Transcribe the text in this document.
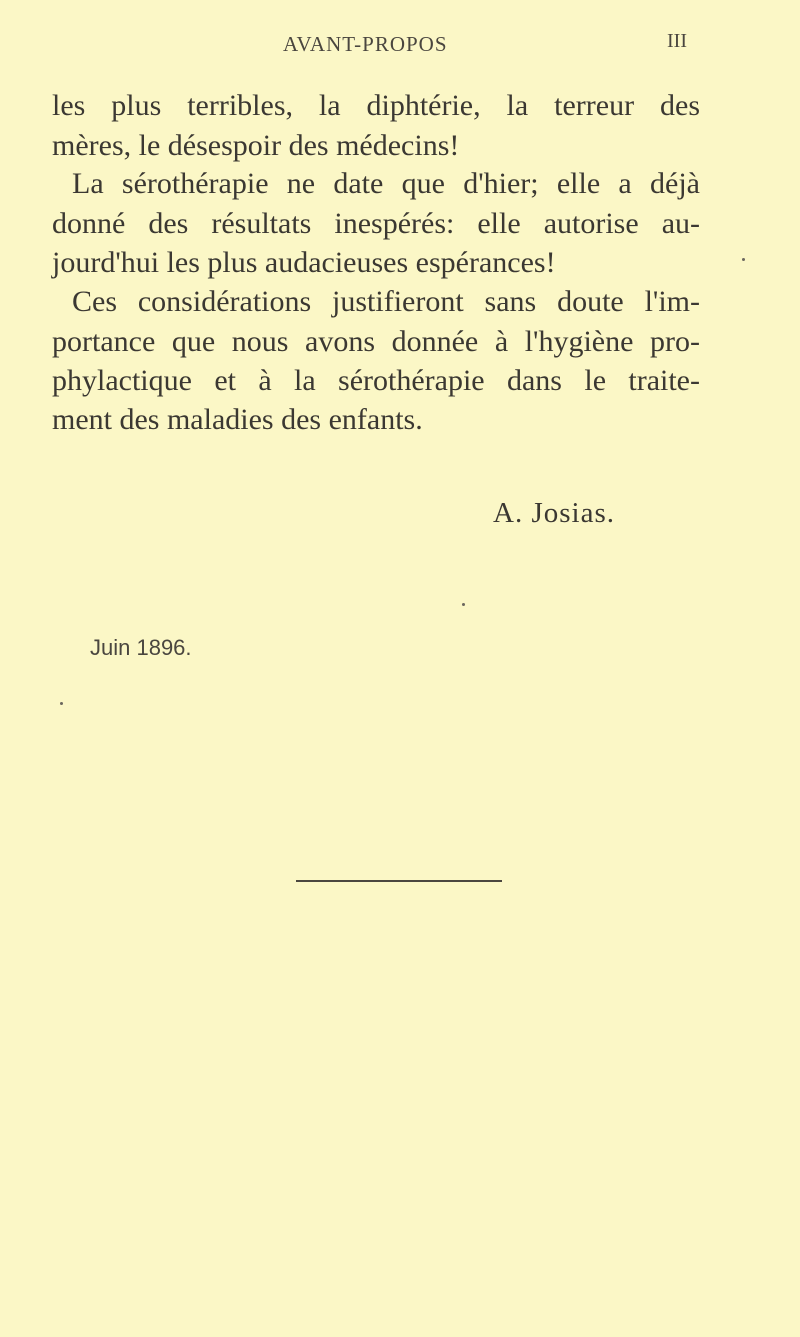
AVANT-PROPOS	III
les plus terribles, la diphtérie, la terreur des
mères, le désespoir des médecins!
La sérothérapie ne date que d'hier; elle a déjà
donné des résultats inespérés: elle autorise au-
jourd'hui les plus audacieuses espérances!
Ces considérations justifieront sans doute l'im-
portance que nous avons donnée à l'hygiène pro-
phylactique et à la sérothérapie dans le traite-
ment des maladies des enfants.
A. Josias.
Juin 1896.
